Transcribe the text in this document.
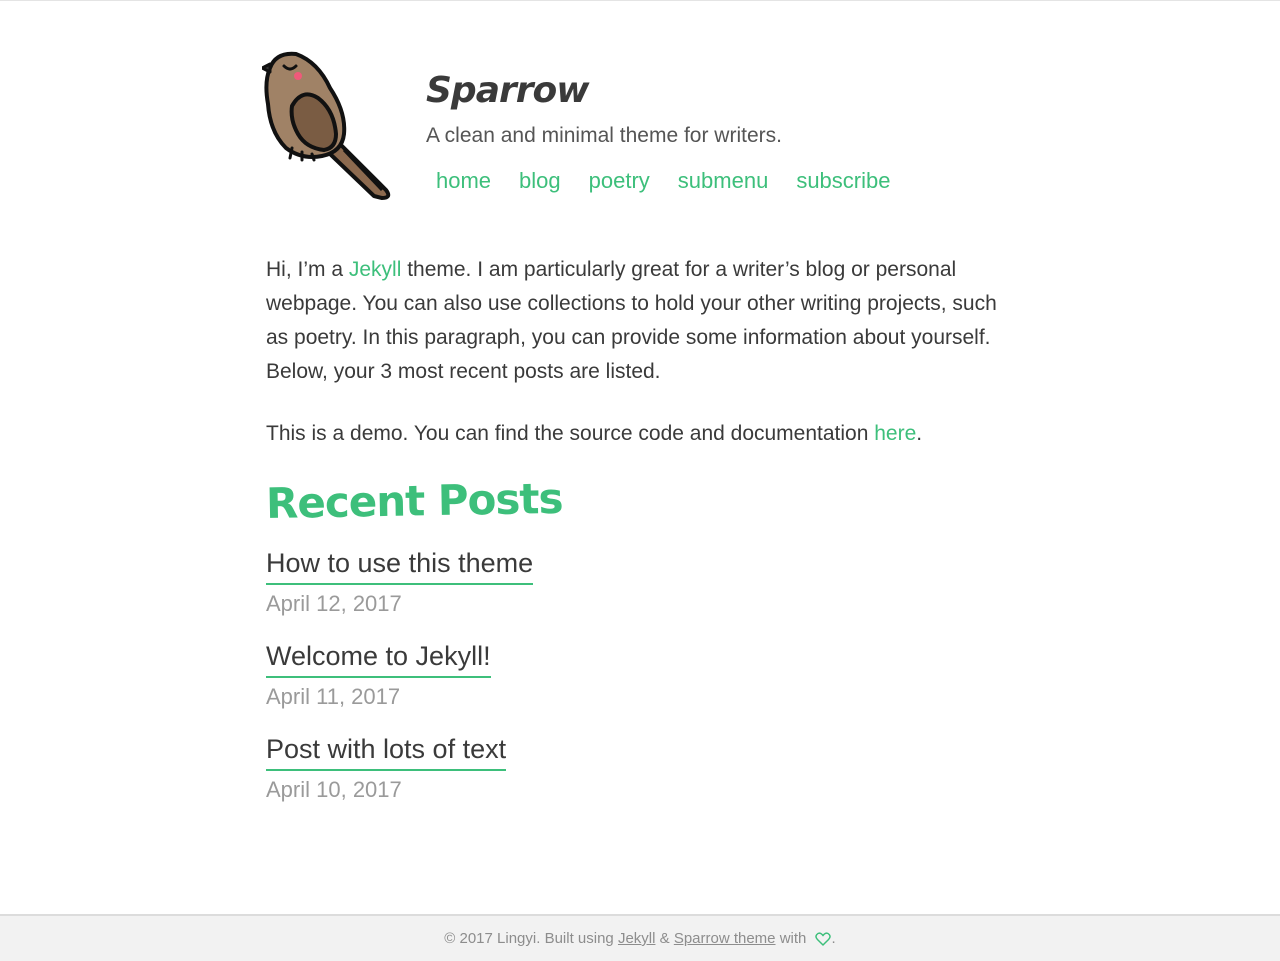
Sparrow
A clean and minimal theme for writers.
home blog poetry submenu subscribe

Hi, I’m a Jekyll theme. I am particularly great for a writer’s blog or personal webpage. You can also use collections to hold your other writing projects, such as poetry. In this paragraph, you can provide some information about yourself. Below, your 3 most recent posts are listed.

This is a demo. You can find the source code and documentation here.

Recent Posts
How to use this theme
April 12, 2017
Welcome to Jekyll!
April 11, 2017
Post with lots of text
April 10, 2017
© 2017 Lingyi. Built using Jekyll & Sparrow theme with .
